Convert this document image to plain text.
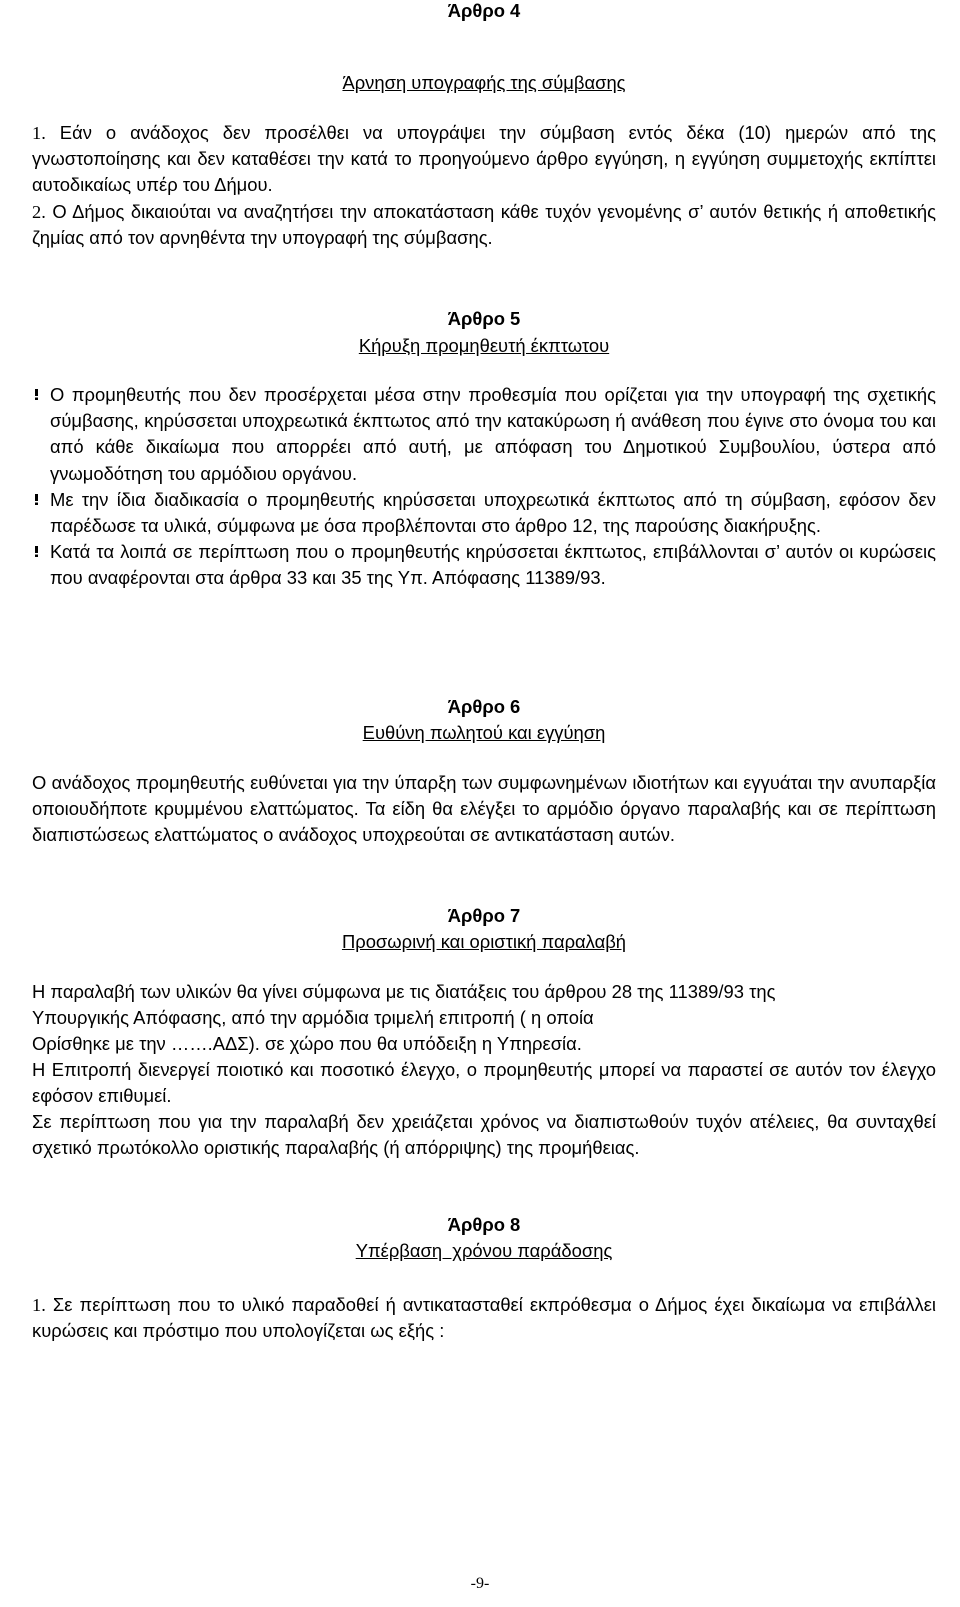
Άρθρο 4
Άρνηση υπογραφής της σύμβασης
1. Εάν ο ανάδοχος δεν προσέλθει να υπογράψει την σύμβαση εντός δέκα (10) ημερών από της γνωστοποίησης και δεν καταθέσει την κατά το προηγούμενο άρθρο εγγύηση, η εγγύηση συμμετοχής εκπίπτει αυτοδικαίως υπέρ του Δήμου.
2. Ο Δήμος δικαιούται να αναζητήσει την αποκατάσταση κάθε τυχόν γενομένης σ’ αυτόν θετικής ή αποθετικής ζημίας από τον αρνηθέντα την υπογραφή της σύμβασης.
Άρθρο 5
Κήρυξη προμηθευτή έκπτωτου
Ο προμηθευτής που δεν προσέρχεται μέσα στην προθεσμία που ορίζεται για την υπογραφή της σχετικής σύμβασης, κηρύσσεται υποχρεωτικά έκπτωτος από την κατακύρωση ή ανάθεση που έγινε στο όνομα του και από κάθε δικαίωμα που απορρέει από αυτή, με απόφαση του Δημοτικού Συμβουλίου, ύστερα από γνωμοδότηση του αρμόδιου οργάνου.
Με την ίδια διαδικασία ο προμηθευτής κηρύσσεται υποχρεωτικά έκπτωτος από τη σύμβαση, εφόσον δεν παρέδωσε τα υλικά, σύμφωνα με όσα προβλέπονται στο άρθρο 12, της παρούσης διακήρυξης.
Κατά τα λοιπά σε περίπτωση που ο προμηθευτής κηρύσσεται έκπτωτος, επιβάλλονται σ’ αυτόν οι κυρώσεις που αναφέρονται στα άρθρα 33 και 35 της Υπ. Απόφασης 11389/93.
Άρθρο 6
Ευθύνη πωλητού και εγγύηση
Ο ανάδοχος προμηθευτής ευθύνεται για την ύπαρξη των συμφωνημένων ιδιοτήτων και εγγυάται την ανυπαρξία οποιουδήποτε κρυμμένου ελαττώματος. Τα είδη θα ελέγξει το αρμόδιο όργανο παραλαβής και σε περίπτωση διαπιστώσεως ελαττώματος ο ανάδοχος υποχρεούται σε αντικατάσταση αυτών.
Άρθρο 7
Προσωρινή και οριστική παραλαβή
Η παραλαβή των υλικών θα γίνει σύμφωνα με τις διατάξεις του άρθρου 28 της 11389/93 της
Υπουργικής Απόφασης, από την αρμόδια τριμελή επιτροπή ( η οποία
Ορίσθηκε με την …….ΑΔΣ). σε χώρο που θα υπόδειξη η Υπηρεσία.
Η Επιτροπή διενεργεί ποιοτικό και ποσοτικό έλεγχο, ο προμηθευτής μπορεί να παραστεί σε αυτόν τον έλεγχο εφόσον επιθυμεί.
Σε περίπτωση που για την παραλαβή δεν χρειάζεται χρόνος να διαπιστωθούν τυχόν ατέλειες, θα συνταχθεί σχετικό πρωτόκολλο οριστικής παραλαβής (ή απόρριψης) της προμήθειας.
Άρθρο 8
Υπέρβαση  χρόνου παράδοσης
1. Σε περίπτωση που το υλικό παραδοθεί ή αντικατασταθεί εκπρόθεσμα ο Δήμος έχει δικαίωμα να επιβάλλει κυρώσεις και πρόστιμο που υπολογίζεται ως εξής :
-9-
